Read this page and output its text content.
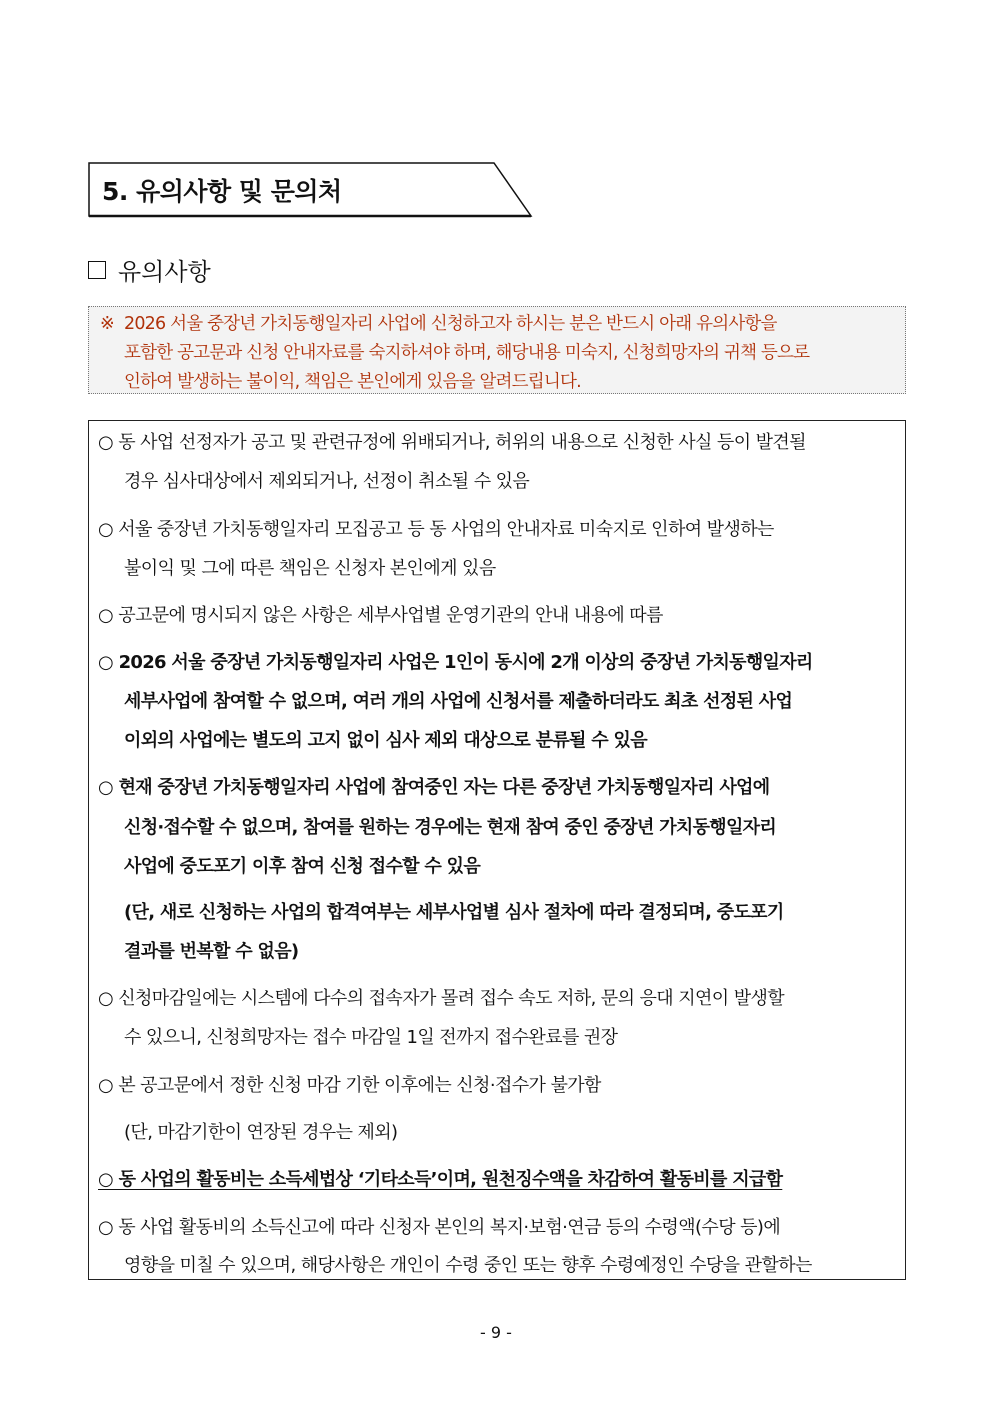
5. 유의사항 및 문의처
유의사항
※ 2026 서울 중장년 가치동행일자리 사업에 신청하고자 하시는 분은 반드시 아래 유의사항을
포함한 공고문과 신청 안내자료를 숙지하셔야 하며, 해당내용 미숙지, 신청희망자의 귀책 등으로
인하여 발생하는 불이익, 책임은 본인에게 있음을 알려드립니다.
○ 동 사업 선정자가 공고 및 관련규정에 위배되거나, 허위의 내용으로 신청한 사실 등이 발견될
경우 심사대상에서 제외되거나, 선정이 취소될 수 있음
○ 서울 중장년 가치동행일자리 모집공고 등 동 사업의 안내자료 미숙지로 인하여 발생하는
불이익 및 그에 따른 책임은 신청자 본인에게 있음
○ 공고문에 명시되지 않은 사항은 세부사업별 운영기관의 안내 내용에 따름
○ 2026 서울 중장년 가치동행일자리 사업은 1인이 동시에 2개 이상의 중장년 가치동행일자리
세부사업에 참여할 수 없으며, 여러 개의 사업에 신청서를 제출하더라도 최초 선정된 사업
이외의 사업에는 별도의 고지 없이 심사 제외 대상으로 분류될 수 있음
○ 현재 중장년 가치동행일자리 사업에 참여중인 자는 다른 중장년 가치동행일자리 사업에
신청·접수할 수 없으며, 참여를 원하는 경우에는 현재 참여 중인 중장년 가치동행일자리
사업에 중도포기 이후 참여 신청 접수할 수 있음
(단, 새로 신청하는 사업의 합격여부는 세부사업별 심사 절차에 따라 결정되며, 중도포기
결과를 번복할 수 없음)
○ 신청마감일에는 시스템에 다수의 접속자가 몰려 접수 속도 저하, 문의 응대 지연이 발생할
수 있으니, 신청희망자는 접수 마감일 1일 전까지 접수완료를 권장
○ 본 공고문에서 정한 신청 마감 기한 이후에는 신청·접수가 불가함
(단, 마감기한이 연장된 경우는 제외)
○ 동 사업의 활동비는 소득세법상 ‘기타소득’이며, 원천징수액을 차감하여 활동비를 지급함
○ 동 사업 활동비의 소득신고에 따라 신청자 본인의 복지·보험·연금 등의 수령액(수당 등)에
영향을 미칠 수 있으며, 해당사항은 개인이 수령 중인 또는 향후 수령예정인 수당을 관할하는
- 9 -
